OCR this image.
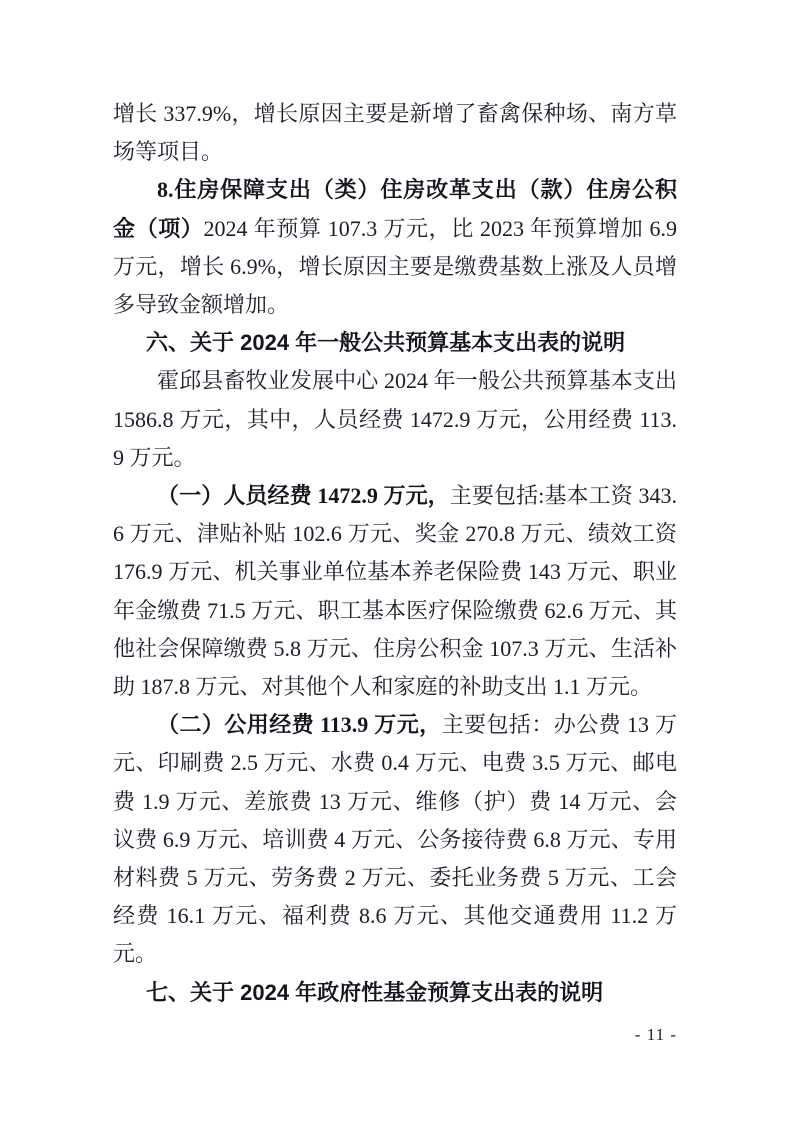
增长 337.9%，增长原因主要是新增了畜禽保种场、南方草场等项目。

8.住房保障支出（类）住房改革支出（款）住房公积金（项）2024 年预算 107.3 万元，比 2023 年预算增加 6.9 万元，增长 6.9%，增长原因主要是缴费基数上涨及人员增多导致金额增加。

六、关于 2024 年一般公共预算基本支出表的说明

霍邱县畜牧业发展中心 2024 年一般公共预算基本支出 1586.8 万元，其中，人员经费 1472.9 万元，公用经费 113.9 万元。

（一）人员经费 1472.9 万元，主要包括:基本工资 343.6 万元、津贴补贴 102.6 万元、奖金 270.8 万元、绩效工资 176.9 万元、机关事业单位基本养老保险费 143 万元、职业年金缴费 71.5 万元、职工基本医疗保险缴费 62.6 万元、其他社会保障缴费 5.8 万元、住房公积金 107.3 万元、生活补助 187.8 万元、对其他个人和家庭的补助支出 1.1 万元。

（二）公用经费 113.9 万元，主要包括：办公费 13 万元、印刷费 2.5 万元、水费 0.4 万元、电费 3.5 万元、邮电费 1.9 万元、差旅费 13 万元、维修（护）费 14 万元、会议费 6.9 万元、培训费 4 万元、公务接待费 6.8 万元、专用材料费 5 万元、劳务费 2 万元、委托业务费 5 万元、工会经费 16.1 万元、福利费 8.6 万元、其他交通费用 11.2 万元。

七、关于 2024 年政府性基金预算支出表的说明

- 11 -
